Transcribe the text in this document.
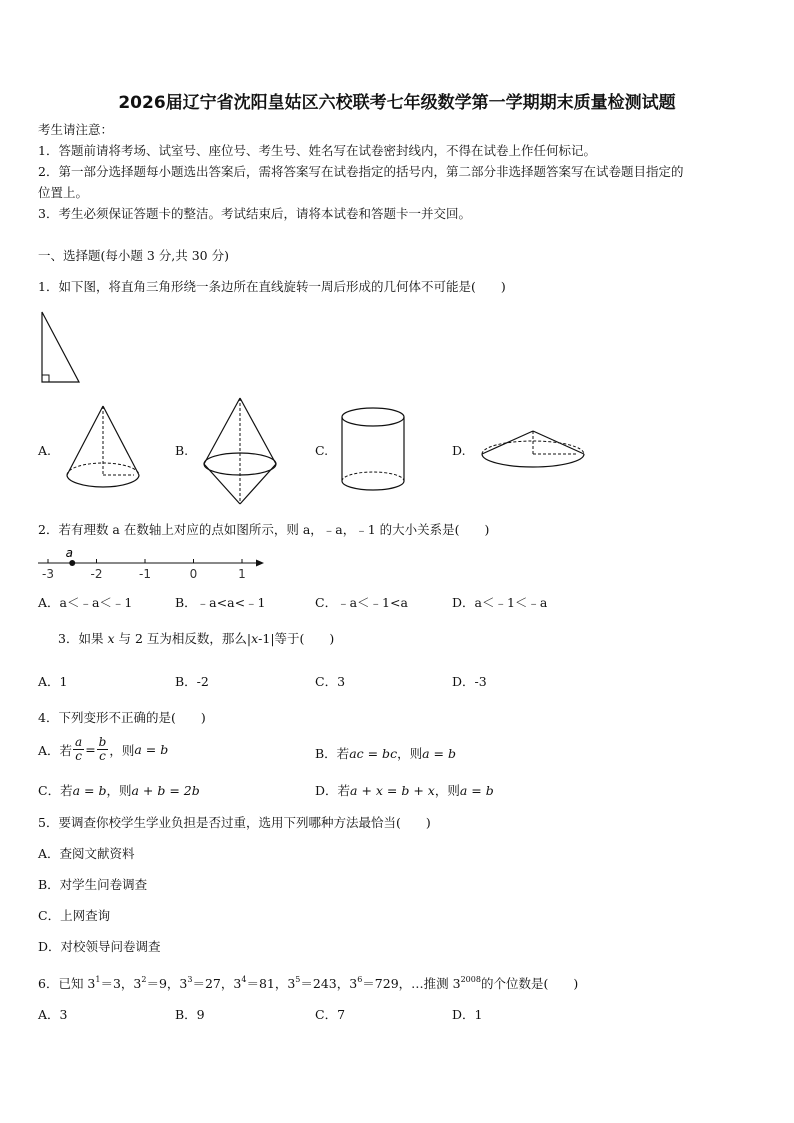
2026届辽宁省沈阳皇姑区六校联考七年级数学第一学期期末质量检测试题
考生请注意：
1．答题前请将考场、试室号、座位号、考生号、姓名写在试卷密封线内，不得在试卷上作任何标记。
2．第一部分选择题每小题选出答案后，需将答案写在试卷指定的括号内，第二部分非选择题答案写在试卷题目指定的
位置上。
3．考生必须保证答题卡的整洁。考试结束后，请将本试卷和答题卡一并交回。
一、选择题(每小题 3 分,共 30 分)
1．如下图，将直角三角形绕一条边所在直线旋转一周后形成的几何体不可能是(　　)
A.	B.	C.	D.
2．若有理数 a 在数轴上对应的点如图所示，则 a，﹣a，﹣1 的大小关系是(　　)
-3	-2	-1	0	1
a
A．a＜﹣a＜﹣1	B．﹣a<a<﹣1	C．﹣a＜﹣1<a	D．a＜﹣1＜﹣a
3．如果 x 与 2 互为相反数，那么|x-1|等于(　　)
A．1	B．-2	C．3	D．-3
4．下列变形不正确的是(　　)
A．若 $\frac{a}{c} = \frac{b}{c}$ ，则 a = b	B．若ac = bc，则a = b
C．若a = b，则a + b = 2b	D．若a + x = b + x，则a = b
5．要调查你校学生学业负担是否过重，选用下列哪种方法最恰当(　　)
A．查阅文献资料
B．对学生问卷调查
C．上网查询
D．对校领导问卷调查
6．已知 $3^1=3$，$3^2=9$，$3^3=27$，$3^4=81$，$3^5=243$，$3^6=729$，…推测 $3^{2008}$的个位数是(　　)
A．3	B．9	C．7	D．1
